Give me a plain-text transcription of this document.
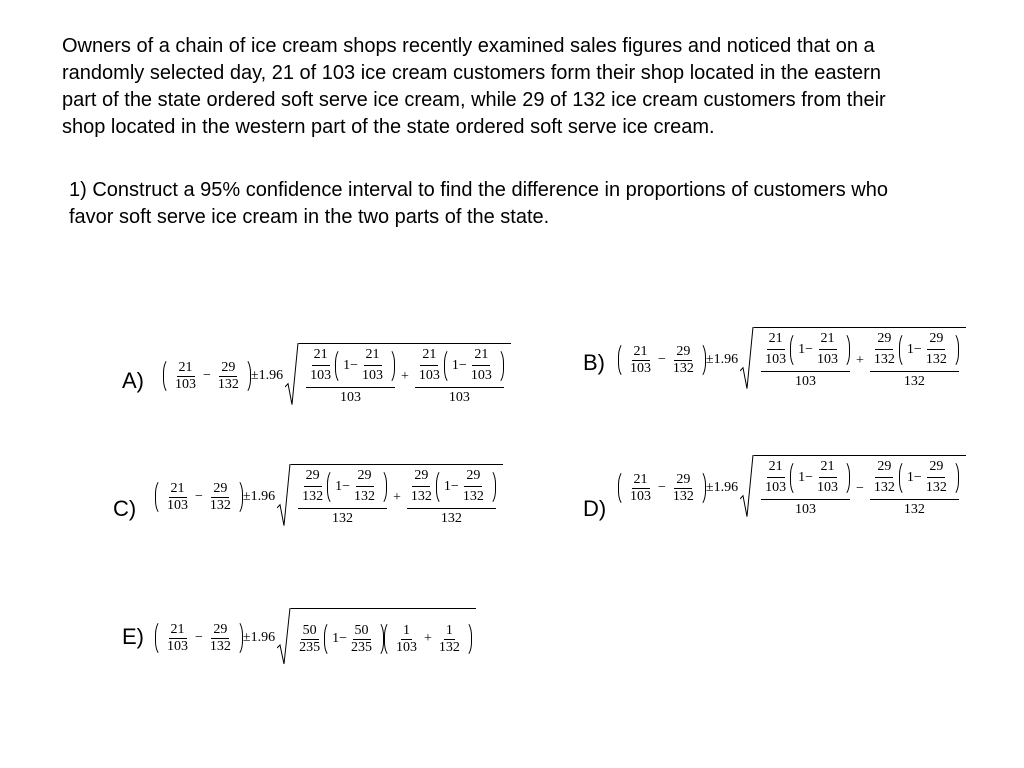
Owners of a chain of ice cream shops recently examined sales figures and noticed that on a randomly selected day, 21 of 103 ice cream customers form their shop located in the eastern part of the state ordered soft serve ice cream, while 29 of 132 ice cream customers from their shop located in the western part of the state ordered soft serve ice cream.

1) Construct a 95% confidence interval to find the difference in proportions of customers who favor soft serve ice cream in the two parts of the state.

$A) \frac{21}{103} - \frac{29}{132} \pm 1.96 \frac{\frac{21}{103} 1- \frac{21}{103}}{103} + \frac{\frac{21}{103} 1- \frac{21}{103}}{103}$	$B) \frac{21}{103} - \frac{29}{132} \pm 1.96 \frac{\frac{21}{103} 1- \frac{21}{103}}{103} + \frac{\frac{29}{132} 1- \frac{29}{132}}{132}$
$C) \frac{21}{103} - \frac{29}{132} \pm 1.96 \frac{\frac{29}{132} 1- \frac{29}{132}}{132} + \frac{\frac{29}{132} 1- \frac{29}{132}}{132}$	D)
$\frac{21}{103} - \frac{29}{132} \pm 1.96 \frac{\frac{21}{103} 1- \frac{21}{103}}{103} - \frac{\frac{29}{132} 1- \frac{29}{132}}{132}$
$E) \frac{21}{103} - \frac{29}{132} \pm 1.96 \frac{50}{235} 1- \frac{50}{235} \frac{1}{103} + \frac{1}{132}$
